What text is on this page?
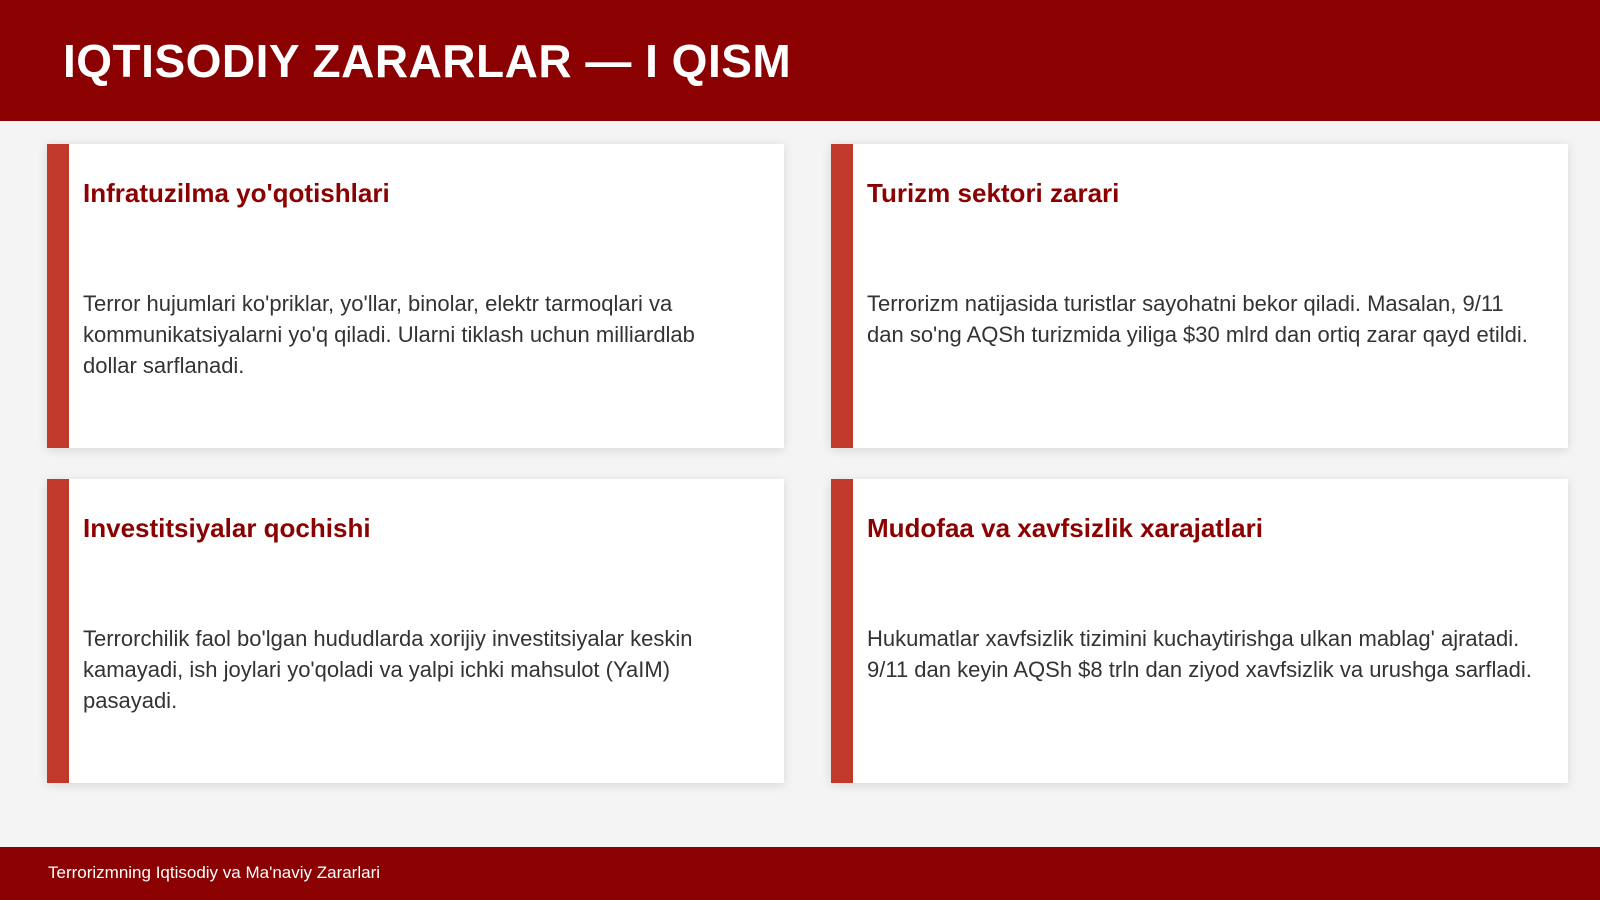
IQTISODIY ZARARLAR — I QISM
Infratuzilma yo'qotishlari
Terror hujumlari ko'priklar, yo'llar, binolar, elektr tarmoqlari va kommunikatsiyalarni yo'q qiladi. Ularni tiklash uchun milliardlab dollar sarflanadi.
Turizm sektori zarari
Terrorizm natijasida turistlar sayohatni bekor qiladi. Masalan, 9/11 dan so'ng AQSh turizmida yiliga $30 mlrd dan ortiq zarar qayd etildi.
Investitsiyalar qochishi
Terrorchilik faol bo'lgan hududlarda xorijiy investitsiyalar keskin kamayadi, ish joylari yo'qoladi va yalpi ichki mahsulot (YaIM) pasayadi.
Mudofaa va xavfsizlik xarajatlari
Hukumatlar xavfsizlik tizimini kuchaytirishga ulkan mablag' ajratadi. 9/11 dan keyin AQSh $8 trln dan ziyod xavfsizlik va urushga sarfladi.
Terrorizmning Iqtisodiy va Ma'naviy Zararlari
